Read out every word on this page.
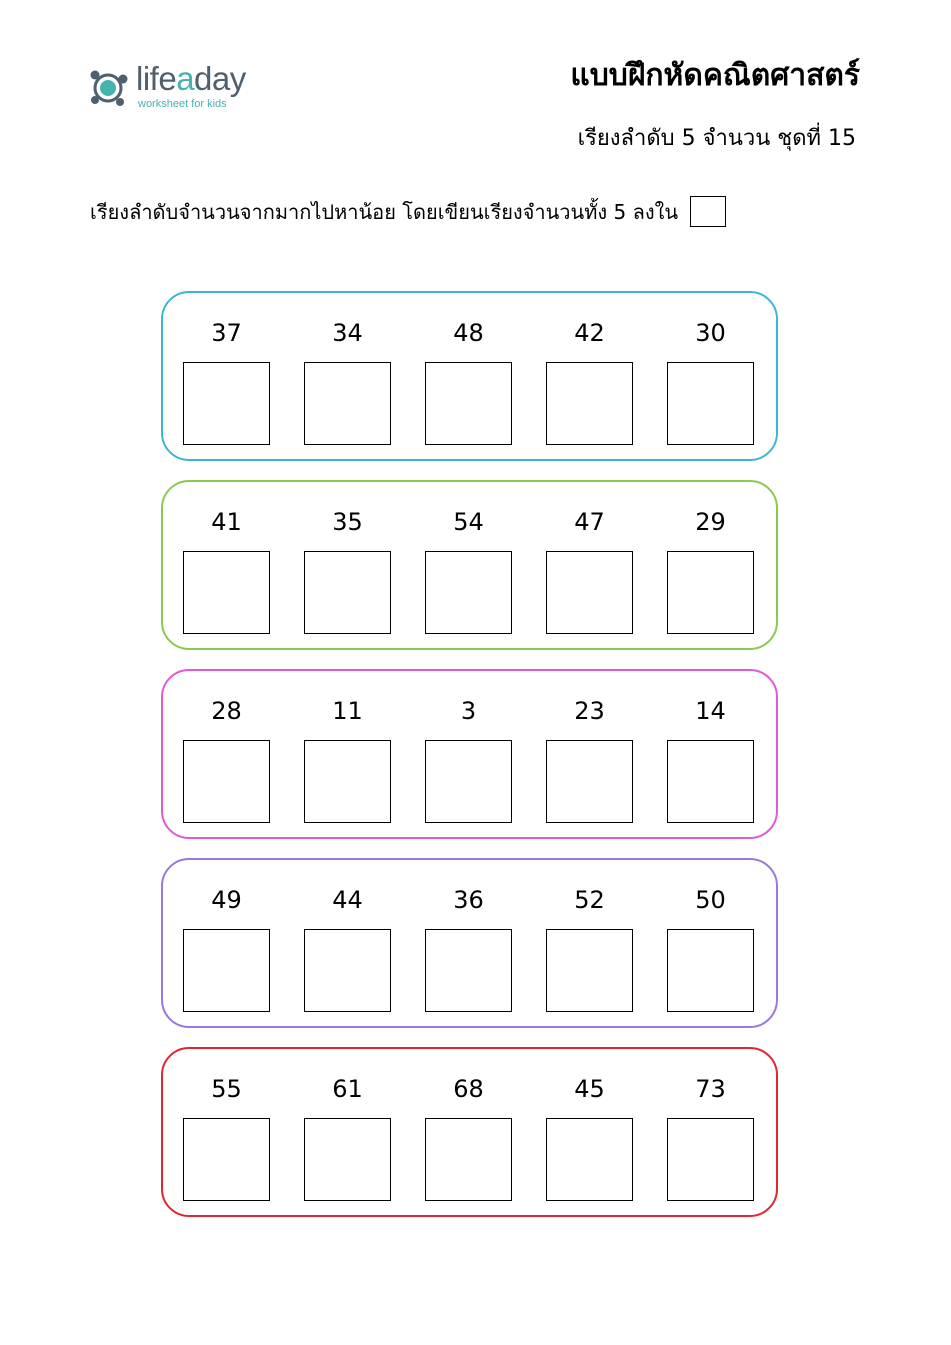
lifeaday
worksheet for kids
แบบฝึกหัดคณิตศาสตร์
เรียงลำดับ 5 จำนวน ชุดที่ 15
เรียงลำดับจำนวนจากมากไปหาน้อย โดยเขียนเรียงจำนวนทั้ง 5 ลงใน
37	34	48	42	30
41	35	54	47	29
28	11	3	23	14
49	44	36	52	50
55	61	68	45	73
